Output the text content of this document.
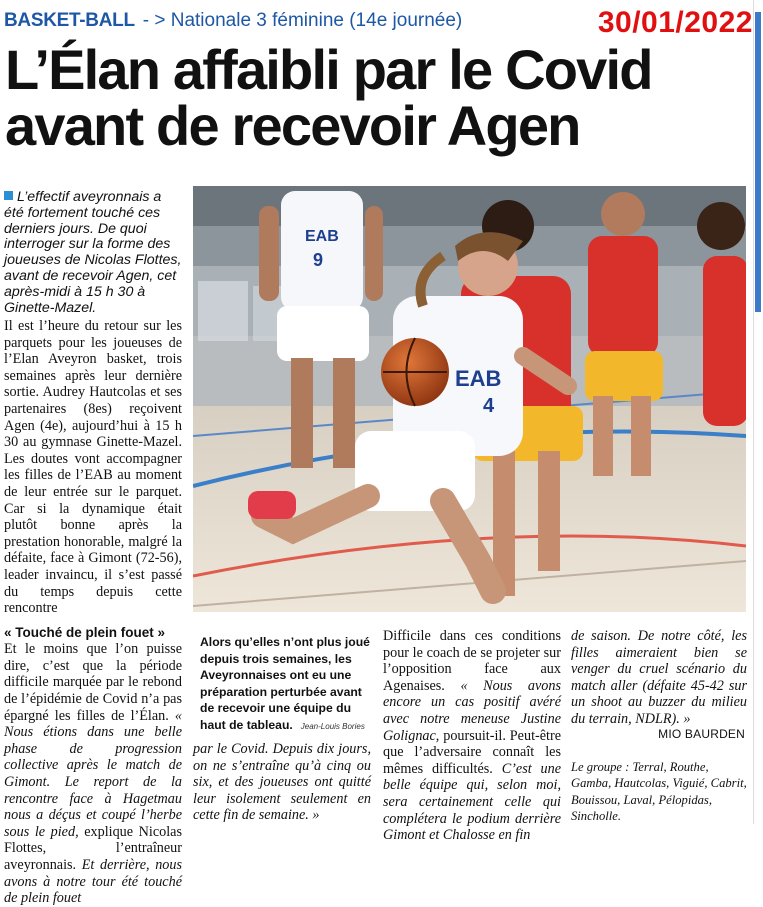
BASKET-BALL - > Nationale 3 féminine (14e journée)	30/01/2022
L’Élan affaibli par le Covid
avant de recevoir Agen
L’effectif aveyronnais a été fortement touché ces derniers jours. De quoi interroger sur la forme des joueuses de Nicolas Flottes, avant de recevoir Agen, cet après-midi à 15 h 30 à Ginette-Mazel.

Il est l’heure du retour sur les parquets pour les joueuses de l’Elan Aveyron basket, trois semaines après leur dernière sortie. Audrey Hautcolas et ses partenaires (8es) reçoivent Agen (4e), aujourd’hui à 15 h 30 au gymnase Ginette-Mazel. Les doutes vont accompagner les filles de l’EAB au moment de leur entrée sur le parquet. Car si la dynamique était plutôt bonne après la prestation honorable, malgré la défaite, face à Gimont (72-56), leader invaincu, il s’est passé du temps depuis cette rencontre

« Touché de plein fouet »

Et le moins que l’on puisse dire, c’est que la période difficile marquée par le rebond de l’épidémie de Covid n’a pas épargné les filles de l’Élan. « Nous étions dans une belle phase de progression collective après le match de Gimont. Le report de la rencontre face à Hagetmau nous a déçus et coupé l’herbe sous le pied, explique Nicolas Flottes, l’entraîneur aveyronnais. Et derrière, nous avons à notre tour été touché de plein fouet

EAB
9
EAB
4
Alors qu’elles n’ont plus joué depuis trois semaines, les Aveyronnaises ont eu une préparation perturbée avant de recevoir une équipe du haut de tableau. Jean-Louis Bories
par le Covid. Depuis dix jours, on ne s’entraîne qu’à cinq ou six, et des joueuses ont quitté leur isolement seulement en cette fin de semaine. »
Difficile dans ces conditions pour le coach de se projeter sur l’opposition face aux Agenaises. « Nous avons encore un cas positif avéré avec notre meneuse Justine Golignac, poursuit-il. Peut-être que l’adversaire connaît les mêmes difficultés. C’est une belle équipe qui, selon moi, sera certainement celle qui complétera le podium derrière Gimont et Chalosse en fin
de saison. De notre côté, les filles aimeraient bien se venger du cruel scénario du match aller (défaite 45-42 sur un shoot au buzzer du milieu du terrain, NDLR). »
MIO BAURDEN
Le groupe : Terral, Routhe, Gamba, Hautcolas, Viguié, Cabrit, Bouissou, Laval, Pélopidas, Sincholle.
